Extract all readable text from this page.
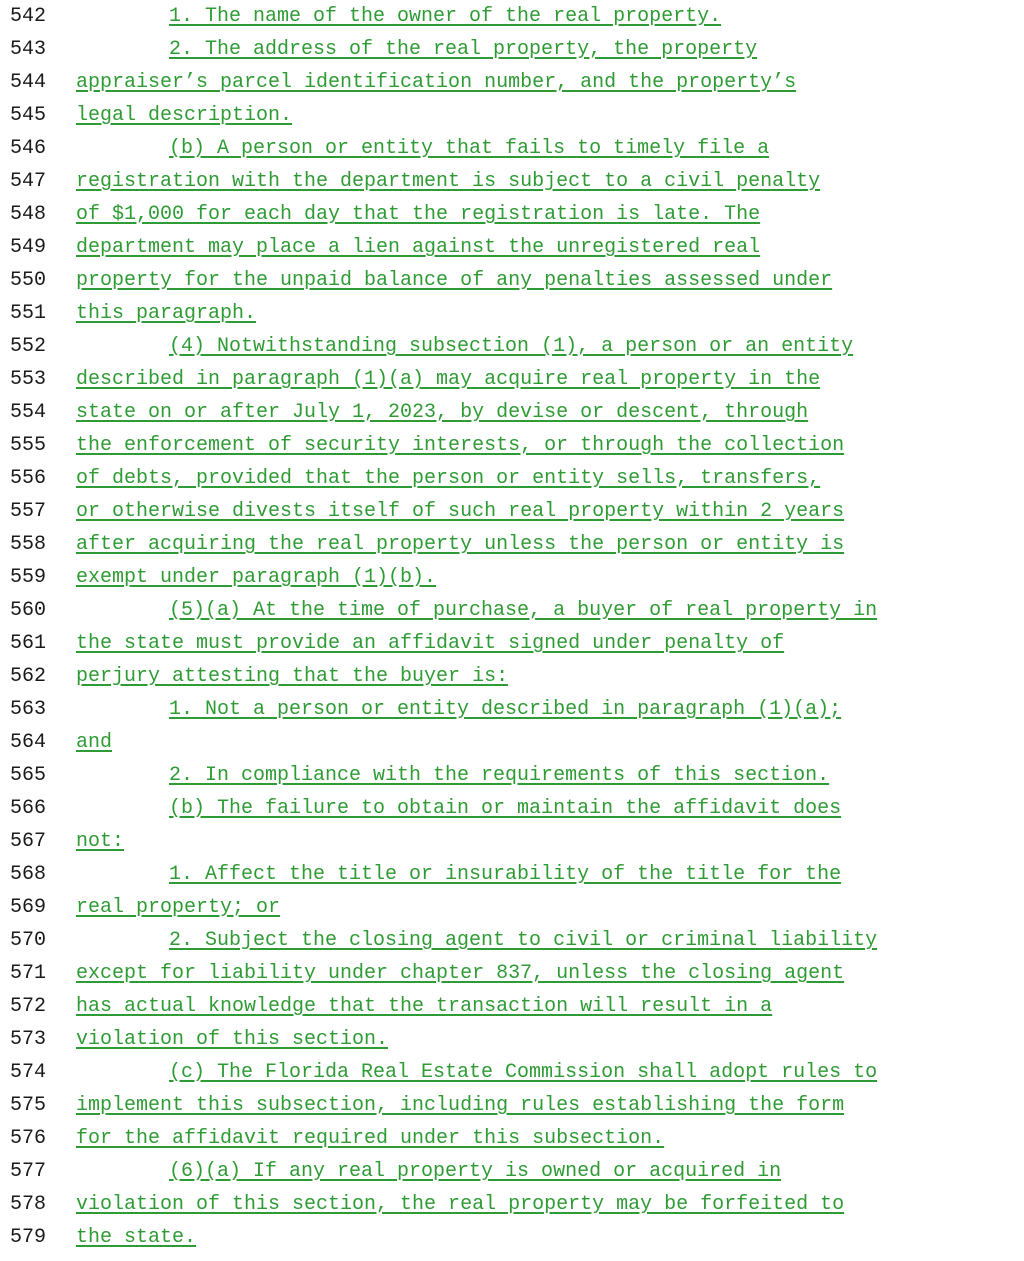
542	1. The name of the owner of the real property.
543	2. The address of the real property, the property
544 appraiser’s parcel identification number, and the property’s
545 legal description.
546	(b) A person or entity that fails to timely file a
547 registration with the department is subject to a civil penalty
548 of $1,000 for each day that the registration is late. The
549 department may place a lien against the unregistered real
550 property for the unpaid balance of any penalties assessed under
551 this paragraph.
552	(4) Notwithstanding subsection (1), a person or an entity
553 described in paragraph (1)(a) may acquire real property in the
554 state on or after July 1, 2023, by devise or descent, through
555 the enforcement of security interests, or through the collection
556 of debts, provided that the person or entity sells, transfers,
557 or otherwise divests itself of such real property within 2 years
558 after acquiring the real property unless the person or entity is
559 exempt under paragraph (1)(b).
560	(5)(a) At the time of purchase, a buyer of real property in
561 the state must provide an affidavit signed under penalty of
562 perjury attesting that the buyer is:
563	1. Not a person or entity described in paragraph (1)(a);
564 and
565	2. In compliance with the requirements of this section.
566	(b) The failure to obtain or maintain the affidavit does
567 not:
568	1. Affect the title or insurability of the title for the
569 real property; or
570	2. Subject the closing agent to civil or criminal liability
571 except for liability under chapter 837, unless the closing agent
572 has actual knowledge that the transaction will result in a
573 violation of this section.
574	(c) The Florida Real Estate Commission shall adopt rules to
575 implement this subsection, including rules establishing the form
576 for the affidavit required under this subsection.
577	(6)(a) If any real property is owned or acquired in
578 violation of this section, the real property may be forfeited to
579 the state.
